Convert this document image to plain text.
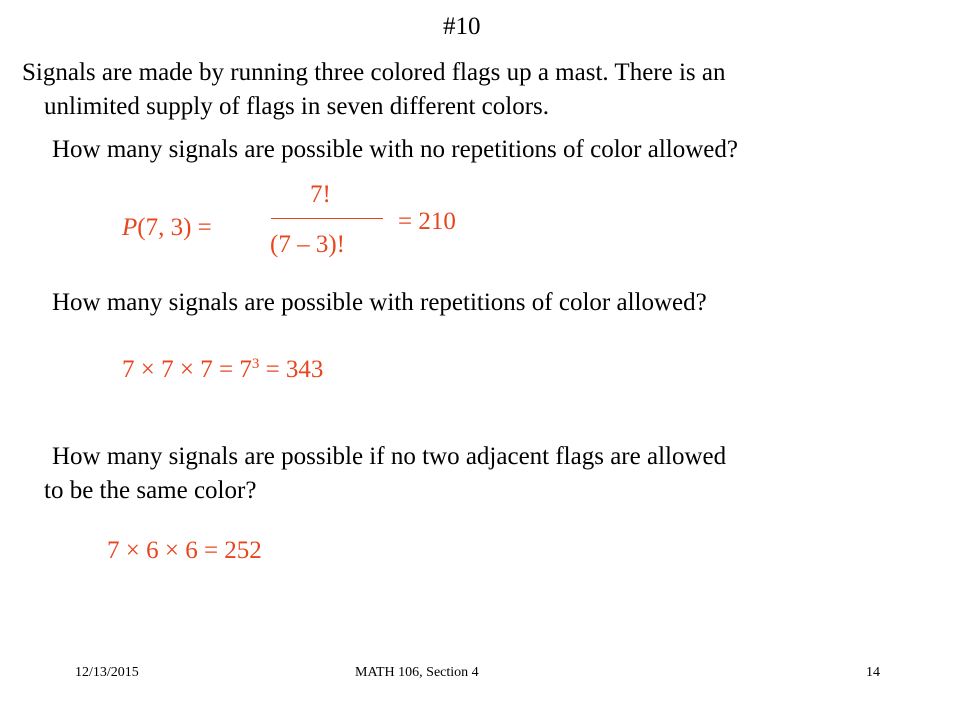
#10
Signals are made by running three colored flags up a mast. There is an
unlimited supply of flags in seven different colors.
How many signals are possible with no repetitions of color allowed?
P(7, 3) =
7!
(7 – 3)!
= 210
How many signals are possible with repetitions of color allowed?
$7 \times 7 \times 7 = 7^3 = 343$
How many signals are possible if no two adjacent flags are allowed
to be the same color?
7 × 6 × 6 = 252
12/13/2015	MATH 106, Section 4	14
